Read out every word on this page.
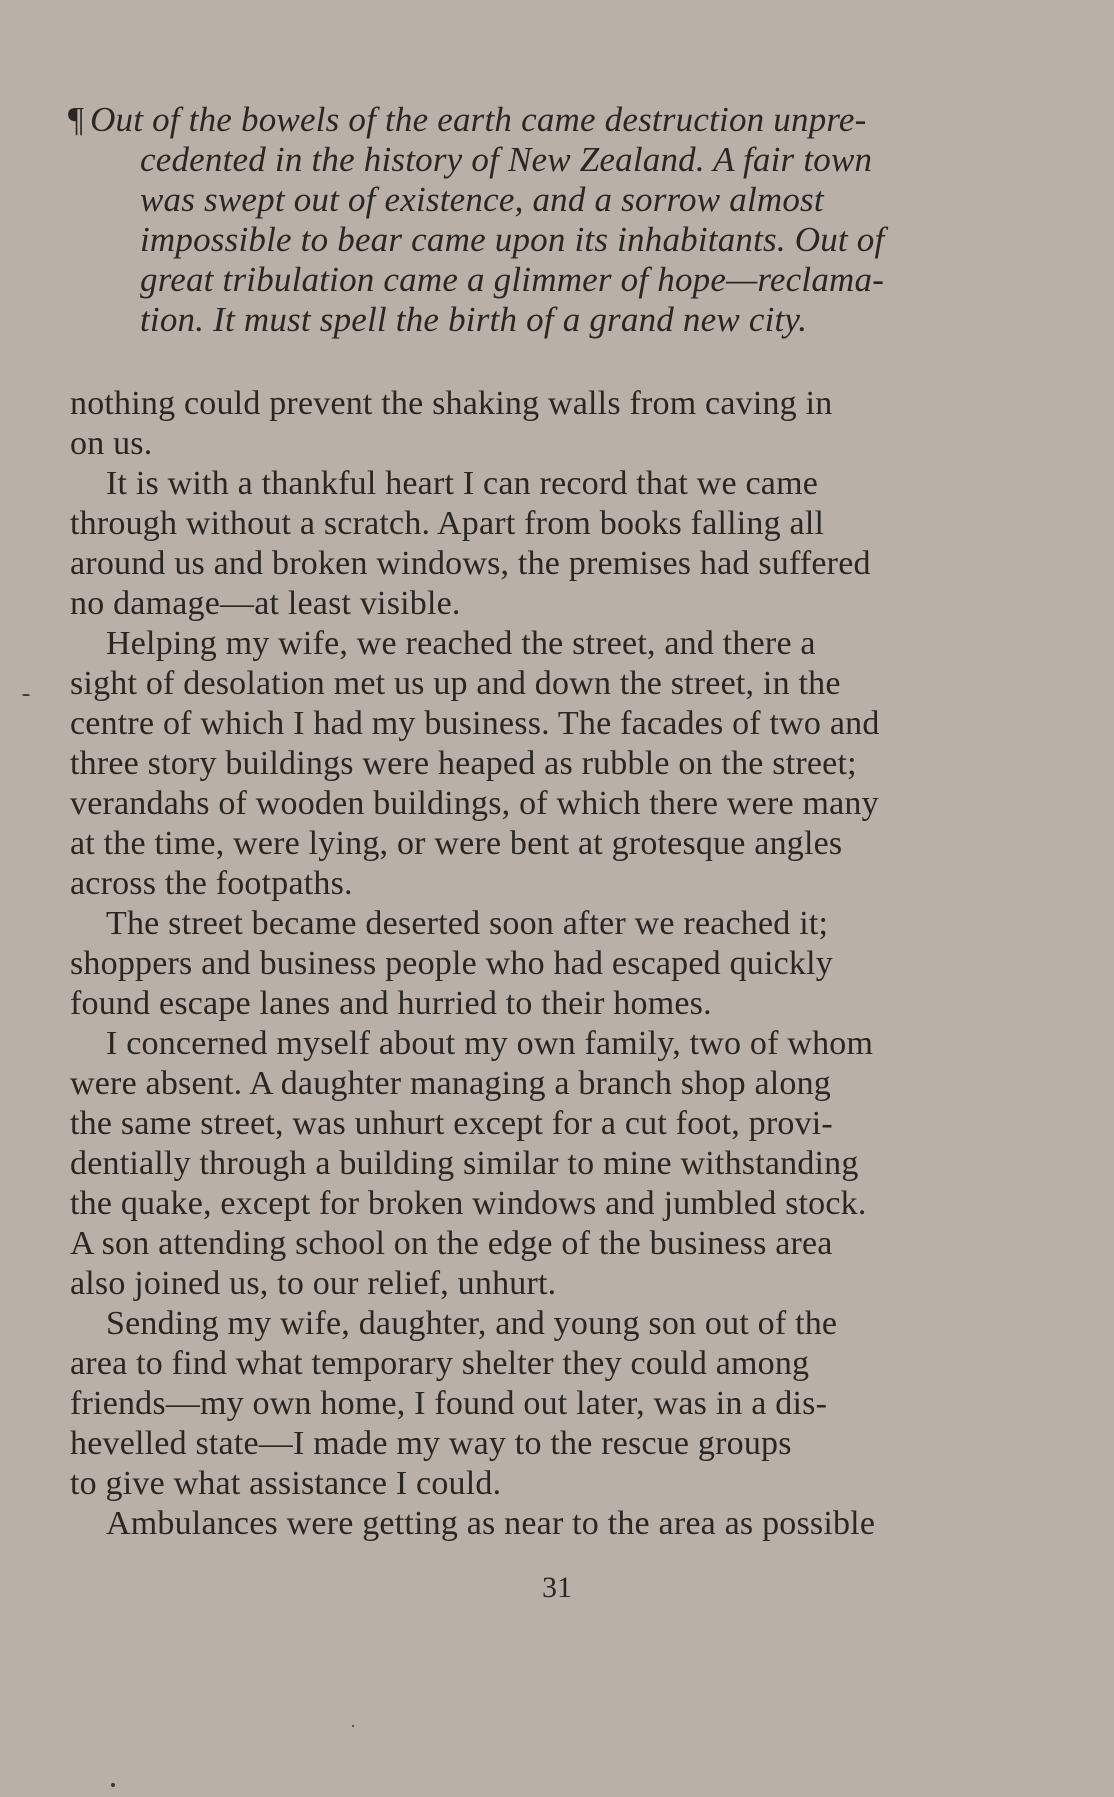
¶ Out of the bowels of the earth came destruction unpre-
cedented in the history of New Zealand. A fair town
was swept out of existence, and a sorrow almost
impossible to bear came upon its inhabitants. Out of
great tribulation came a glimmer of hope—reclama-
tion. It must spell the birth of a grand new city.
nothing could prevent the shaking walls from caving in
on us.
It is with a thankful heart I can record that we came
through without a scratch. Apart from books falling all
around us and broken windows, the premises had suffered
no damage—at least visible.
Helping my wife, we reached the street, and there a
sight of desolation met us up and down the street, in the
centre of which I had my business. The facades of two and
three story buildings were heaped as rubble on the street;
verandahs of wooden buildings, of which there were many
at the time, were lying, or were bent at grotesque angles
across the footpaths.
The street became deserted soon after we reached it;
shoppers and business people who had escaped quickly
found escape lanes and hurried to their homes.
I concerned myself about my own family, two of whom
were absent. A daughter managing a branch shop along
the same street, was unhurt except for a cut foot, provi-
dentially through a building similar to mine withstanding
the quake, except for broken windows and jumbled stock.
A son attending school on the edge of the business area
also joined us, to our relief, unhurt.
Sending my wife, daughter, and young son out of the
area to find what temporary shelter they could among
friends—my own home, I found out later, was in a dis-
hevelled state—I made my way to the rescue groups
to give what assistance I could.
Ambulances were getting as near to the area as possible
31
